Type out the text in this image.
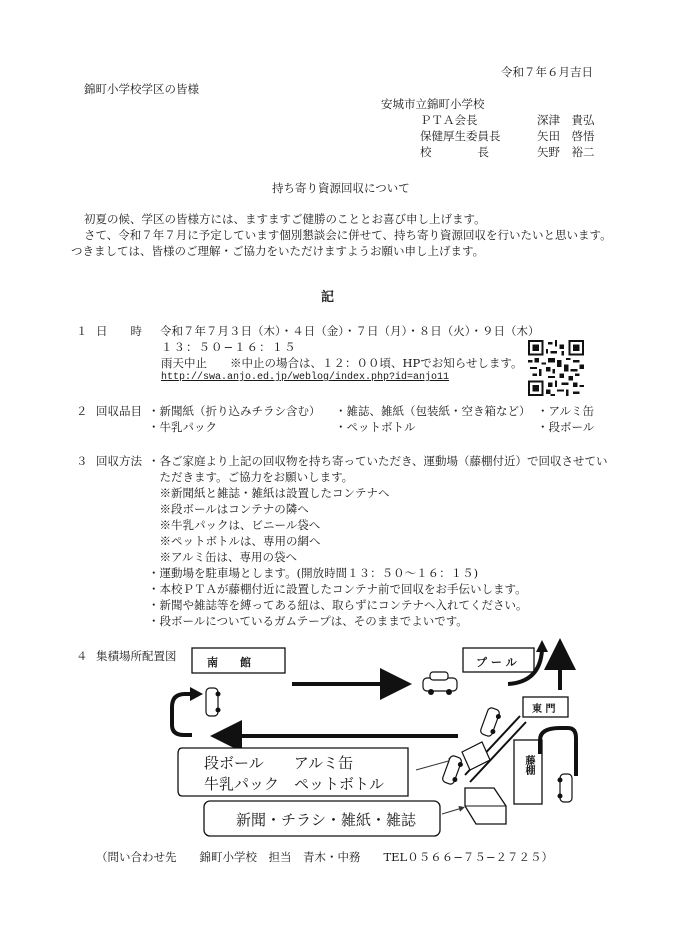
令和７年６月吉日
錦町小学校学区の皆様
安城市立錦町小学校
ＰＴＡ会長	深津　貴弘
保健厚生委員長	矢田　啓悟
校　　　　長	矢野　裕二
持ち寄り資源回収について
初夏の候、学区の皆様方には、ますますご健勝のこととお喜び申し上げます。
さて、令和７年７月に予定しています個別懇談会に併せて、持ち寄り資源回収を行いたいと思います。
つきましては、皆様のご理解・ご協力をいただけますようお願い申し上げます。
記
１ 日　　時 令和７年７月３日（木）・４日（金）・７日（月）・８日（火）・９日（木）
１３：５０−１６：１５
雨天中止　　※中止の場合は、１２：００頃、HPでお知らせします。
http://swa.anjo.ed.jp/weblog/index.php?id=anjo11
２ 回収品目 ・新聞紙（折り込みチラシ含む） ・雑誌、雑紙（包装紙・空き箱など） ・アルミ缶
・牛乳パック	・ペットボトル	・段ボール
３ 回収方法 ・各ご家庭より上記の回収物を持ち寄っていただき、運動場（藤棚付近）で回収させてい
　ただきます。ご協力をお願いします。
　※新聞紙と雑誌・雑紙は設置したコンテナへ
　※段ボールはコンテナの隣へ
　※牛乳パックは、ビニール袋へ
　※ペットボトルは、専用の網へ
　※アルミ缶は、専用の袋へ
・運動場を駐車場とします。(開放時間１３：５０〜１６：１５)
・本校ＰＴＡが藤棚付近に設置したコンテナ前で回収をお手伝いします。
・新聞や雑誌等を縛ってある紐は、取らずにコンテナへ入れてください。
・段ボールについているガムテープは、そのままでよいです。
４ 集積場所配置図	南　　館	プ ー ル
東 門
藤棚
段ボール　　アルミ缶
牛乳パック　ペットボトル
新聞・チラシ・雑紙・雑誌
（問い合わせ先　　錦町小学校　担当　青木・中務　　TEL０５６６−７５−２７２５）
